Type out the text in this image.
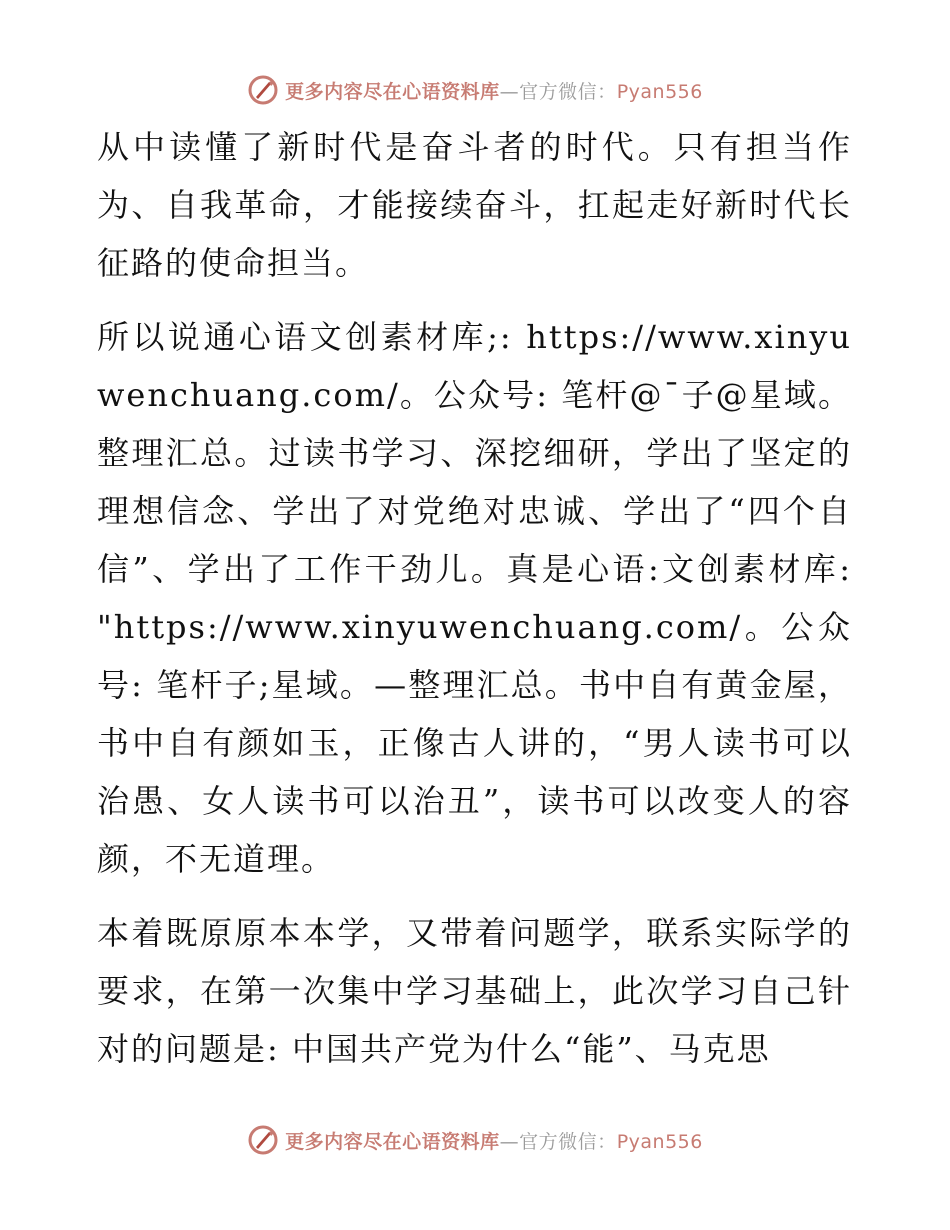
更多内容尽在心语资料库—官方微信：Pyan556

从中读懂了新时代是奋斗者的时代。只有担当作为、自我革命，才能接续奋斗，扛起走好新时代长征路的使命担当。

所以说通心语文创素材库;: https://www.xinyuwenchuang.com/。公众号: 笔杆@¯子@星域。整理汇总。过读书学习、深挖细研，学出了坚定的理想信念、学出了对党绝对忠诚、学出了“四个自信”、学出了工作干劲儿。真是心语:文创素材库: "https://www.xinyuwenchuang.com/。公众号: 笔杆子;星域。—整理汇总。书中自有黄金屋，书中自有颜如玉，正像古人讲的，“男人读书可以治愚、女人读书可以治丑”，读书可以改变人的容颜，不无道理。

本着既原原本本学，又带着问题学，联系实际学的要求，在第一次集中学习基础上，此次学习自己针对的问题是: 中国共产党为什么“能”、马克思

更多内容尽在心语资料库—官方微信：Pyan556
